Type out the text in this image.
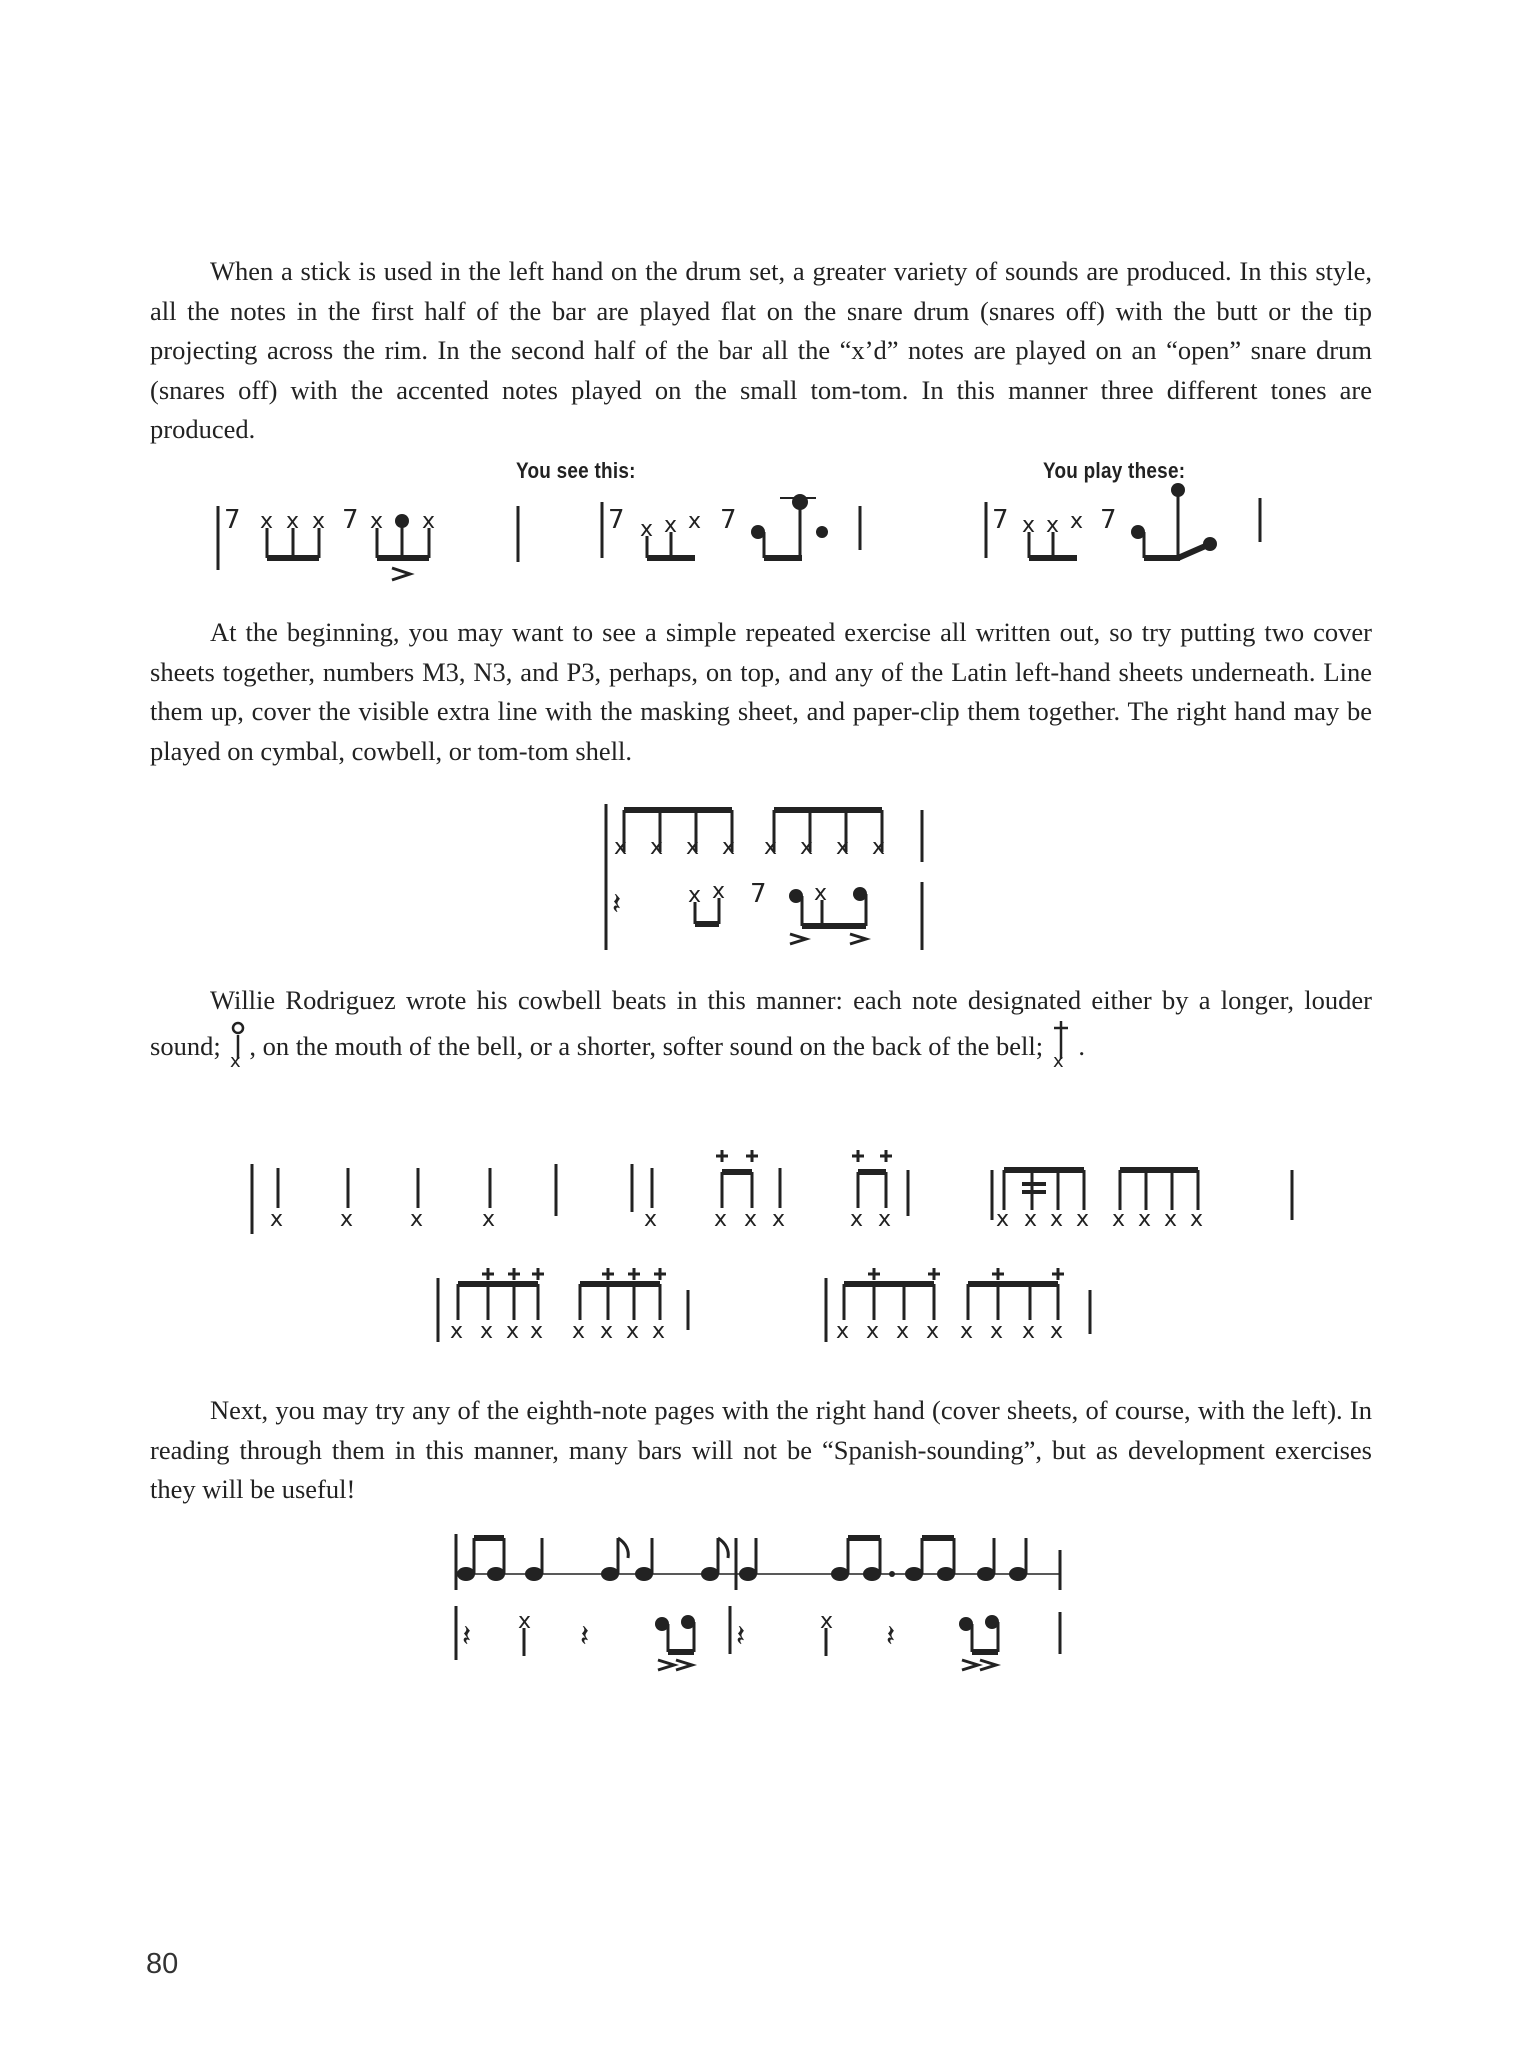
When a stick is used in the left hand on the drum set, a greater variety of sounds are produced. In this style, all the notes in the first half of the bar are played flat on the snare drum (snares off) with the butt or the tip projecting across the rim. In the second half of the bar all the “x’d” notes are played on an “open” snare drum (snares off) with the accented notes played on the small tom-tom. In this manner three different tones are produced.

You see this:	You play these:
7 x x x 7 x x	7 x x x 7	7 x x x 7

At the beginning, you may want to see a simple repeated exercise all written out, so try putting two cover sheets together, numbers M3, N3, and P3, perhaps, on top, and any of the Latin left-hand sheets underneath. Line them up, cover the visible extra line with the masking sheet, and paper-clip them together. The right hand may be played on cymbal, cowbell, or tom-tom shell.

x x x x x x x x
𝄽	x x 7 x

Willie Rodriguez wrote his cowbell beats in this manner: each note designated either by a longer, louder sound;
x
, on the mouth of the bell, or a shorter, softer sound on the back of the bell;
x
.

x	x	x	x	x	x x x	x x	x x x x x x x x
x x x x x x x x	x x x x x x x x

Next, you may try any of the eighth-note pages with the right hand (cover sheets, of course, with the left). In reading through them in this manner, many bars will not be “Spanish-sounding”, but as development exercises they will be useful!

𝄽 x 𝄽	𝄽	x 𝄽
80
